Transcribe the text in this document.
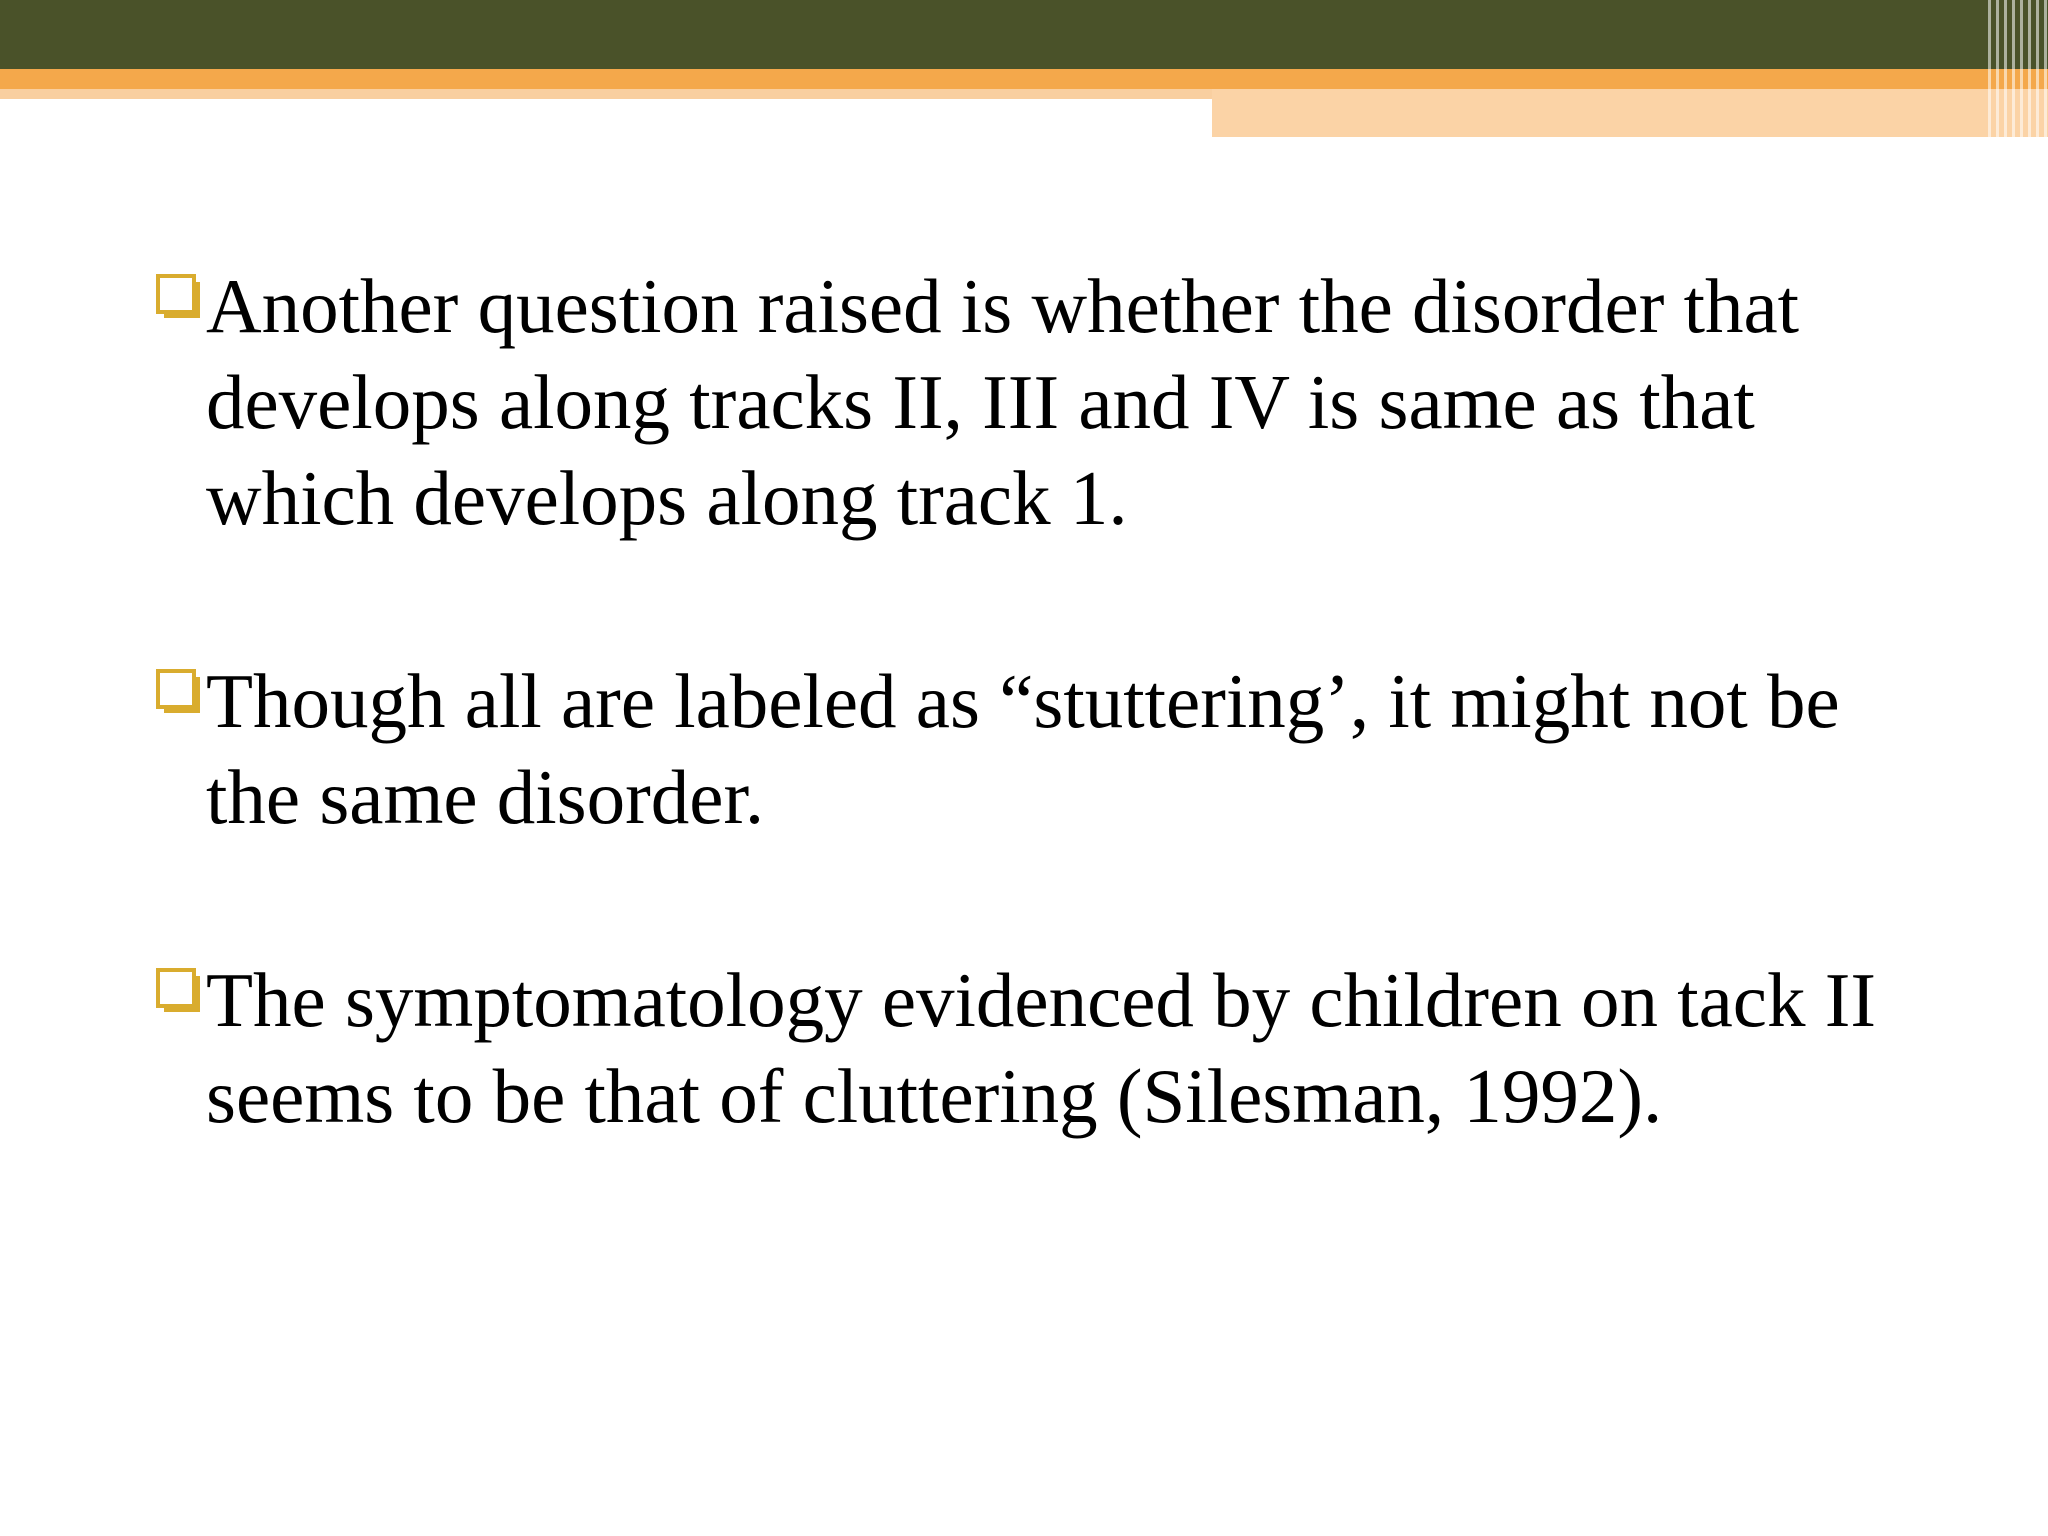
Another question raised is whether the disorder that develops along tracks II, III and IV is same as that which develops along track 1.
Though all are labeled as “stuttering’, it might not be the same disorder.
The symptomatology evidenced by children on tack II seems to be that of cluttering (Silesman, 1992).
